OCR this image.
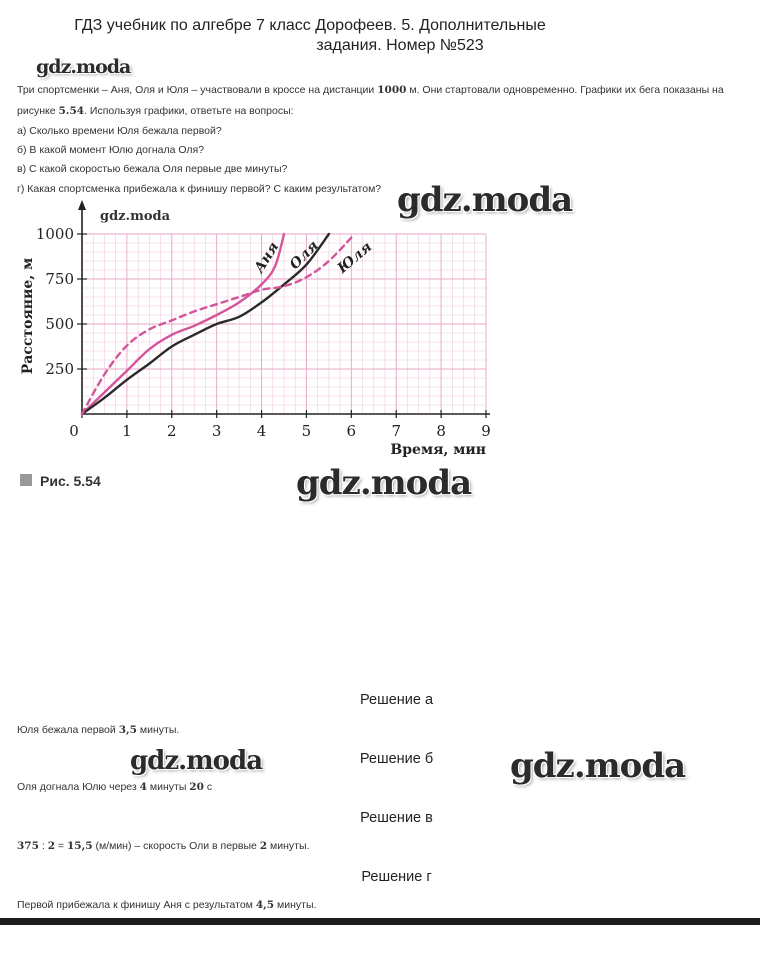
ГДЗ учебник по алгебре 7 класс Дорофеев. 5. Дополнительные
задания. Номер №523
gdz.moda
Три спортсменки – Аня, Оля и Юля – участвовали в кроссе на дистанции 1000 м. Они стартовали одновременно. Графики их бега показаны на рисунке 5.54. Используя графики, ответьте на вопросы:
а) Сколько времени Юля бежала первой?
б) В какой момент Юлю догнала Оля?
в) С какой скоростью бежала Оля первые две минуты?
г) Какая спортсменка прибежала к финишу первой? С каким результатом?
0	1 2 3 4 5 6 7 8 9
250
500
750
1000
Время, мин
Расстояние, м
gdz.moda
Аня Оля Юля
Рис. 5.54
gdz.moda
gdz.moda
Решение а
Юля бежала первой 3,5 минуты.
gdz.moda	Решение б	gdz.moda
Оля догнала Юлю через 4 минуты 20 с
Решение в
375 : 2 = 15,5 (м/мин) – скорость Оли в первые 2 минуты.
Решение г
Первой прибежала к финишу Аня с результатом 4,5 минуты.
